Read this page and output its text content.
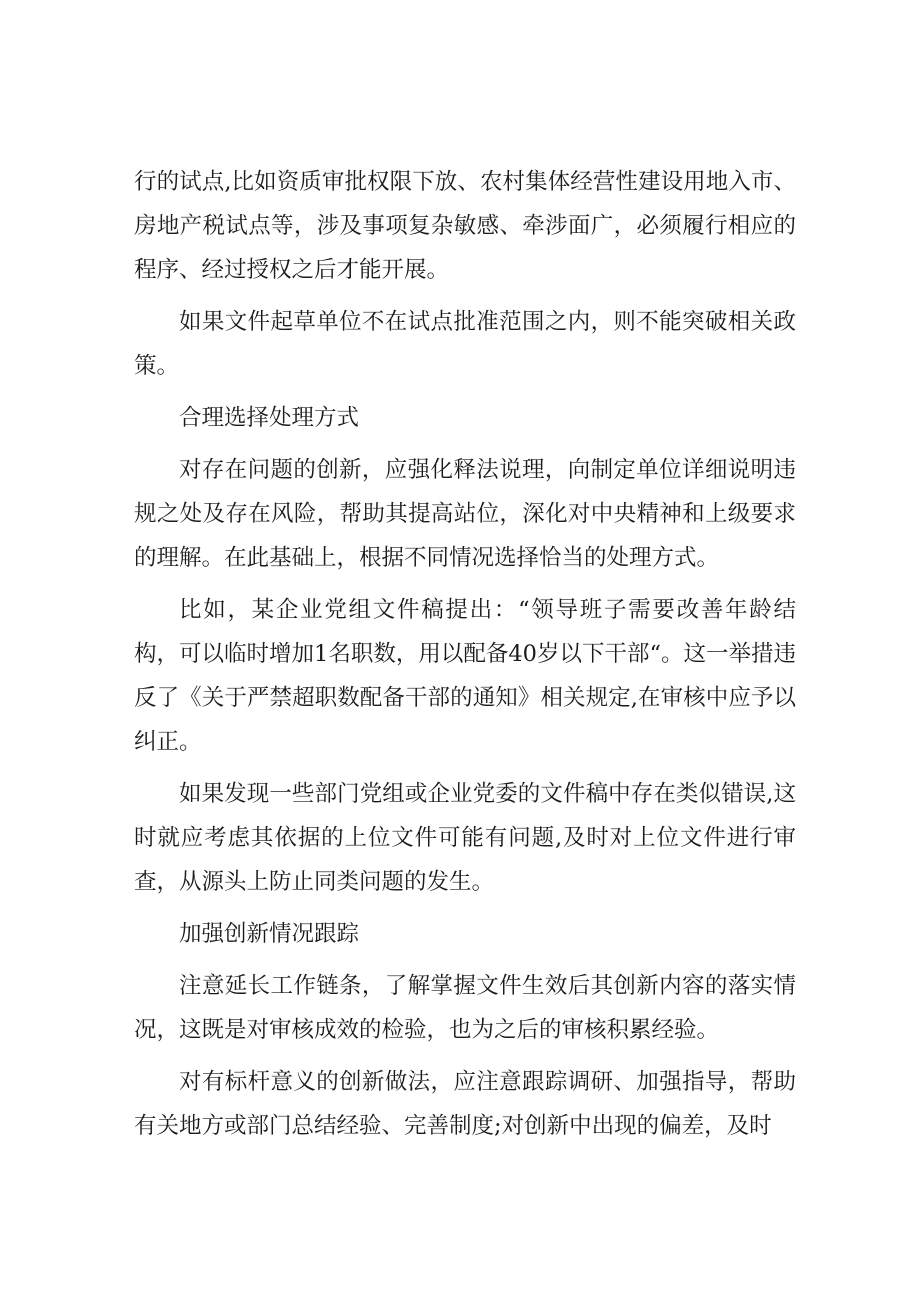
行的试点,比如资质审批权限下放、农村集体经营性建设用地入市、房地产税试点等，涉及事项复杂敏感、牵涉面广，必须履行相应的程序、经过授权之后才能开展。

如果文件起草单位不在试点批准范围之内，则不能突破相关政策。

合理选择处理方式

对存在问题的创新，应强化释法说理，向制定单位详细说明违规之处及存在风险，帮助其提高站位，深化对中央精神和上级要求的理解。在此基础上，根据不同情况选择恰当的处理方式。

比如，某企业党组文件稿提出：“领导班子需要改善年龄结构，可以临时增加1名职数，用以配备40岁以下干部“。这一举措违反了《关于严禁超职数配备干部的通知》相关规定,在审核中应予以纠正。

如果发现一些部门党组或企业党委的文件稿中存在类似错误,这时就应考虑其依据的上位文件可能有问题,及时对上位文件进行审查，从源头上防止同类问题的发生。

加强创新情况跟踪

注意延长工作链条，了解掌握文件生效后其创新内容的落实情况，这既是对审核成效的检验，也为之后的审核积累经验。

对有标杆意义的创新做法，应注意跟踪调研、加强指导，帮助有关地方或部门总结经验、完善制度;对创新中出现的偏差，及时
